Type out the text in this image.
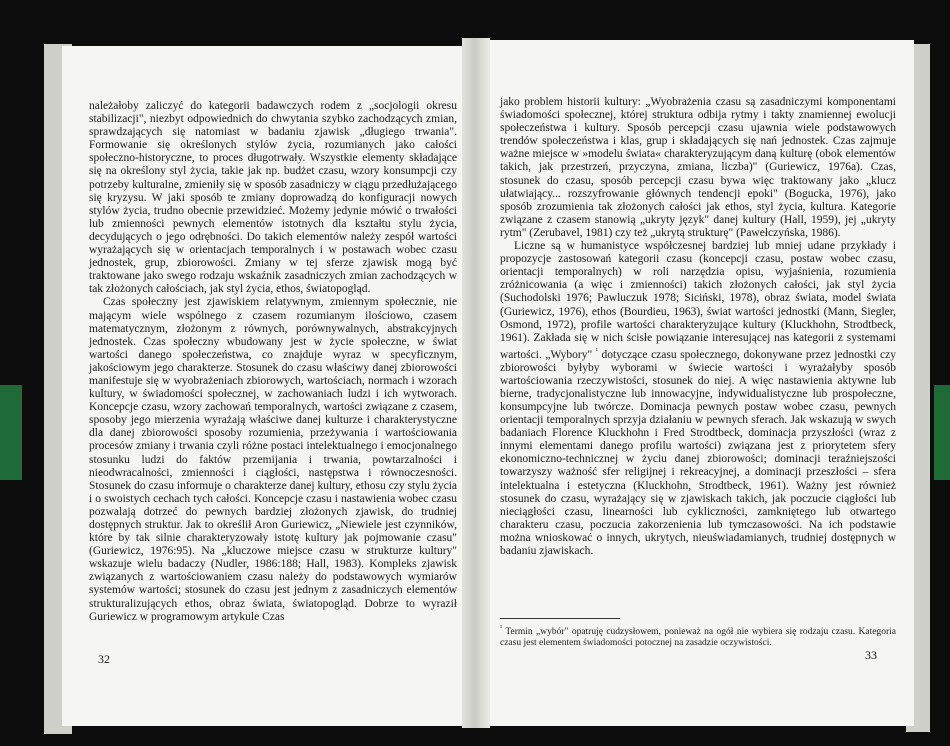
należałoby zaliczyć do kategorii badawczych rodem z „socjologii okresu stabilizacji", niezbyt odpowiednich do chwytania szybko zachodzących zmian, sprawdzających się natomiast w badaniu zjawisk „długiego trwania". Formowanie się określonych stylów życia, rozumianych jako całości społeczno-historyczne, to proces długotrwały. Wszystkie elementy składające się na określony styl życia, takie jak np. budżet czasu, wzory konsumpcji czy potrzeby kulturalne, zmieniły się w sposób zasadniczy w ciągu przedłużającego się kryzysu. W jaki sposób te zmiany doprowadzą do konfiguracji nowych stylów życia, trudno obecnie przewidzieć. Możemy jedynie mówić o trwałości lub zmienności pewnych elementów istotnych dla kształtu stylu życia, decydujących o jego odrębności. Do takich elementów należy zespół wartości wyrażających się w orientacjach temporalnych i w postawach wobec czasu jednostek, grup, zbiorowości. Zmiany w tej sferze zjawisk mogą być traktowane jako swego rodzaju wskaźnik zasadniczych zmian zachodzących w tak złożonych całościach, jak styl życia, ethos, światopogląd.

Czas społeczny jest zjawiskiem relatywnym, zmiennym społecznie, nie mającym wiele wspólnego z czasem rozumianym ilościowo, czasem matematycznym, złożonym z równych, porównywalnych, abstrakcyjnych jednostek. Czas społeczny wbudowany jest w życie społeczne, w świat wartości danego społeczeństwa, co znajduje wyraz w specyficznym, jakościowym jego charakterze. Stosunek do czasu właściwy danej zbiorowości manifestuje się w wyobrażeniach zbiorowych, wartościach, normach i wzorach kultury, w świadomości społecznej, w zachowaniach ludzi i ich wytworach. Koncepcje czasu, wzory zachowań temporalnych, wartości związane z czasem, sposoby jego mierzenia wyrażają właściwe danej kulturze i charakterystyczne dla danej zbiorowości sposoby rozumienia, przeżywania i wartościowania procesów zmiany i trwania czyli różne postaci intelektualnego i emocjonalnego stosunku ludzi do faktów przemijania i trwania, powtarzalności i nieodwracalności, zmienności i ciągłości, następstwa i równoczesności. Stosunek do czasu informuje o charakterze danej kultury, ethosu czy stylu życia i o swoistych cechach tych całości. Koncepcje czasu i nastawienia wobec czasu pozwalają dotrzeć do pewnych bardziej złożonych zjawisk, do trudniej dostępnych struktur. Jak to określił Aron Guriewicz, „Niewiele jest czynników, które by tak silnie charakteryzowały istotę kultury jak pojmowanie czasu" (Guriewicz, 1976:95). Na „kluczowe miejsce czasu w strukturze kultury" wskazuje wielu badaczy (Nudler, 1986:188; Hall, 1983). Kompleks zjawisk związanych z wartościowaniem czasu należy do podstawowych wymiarów systemów wartości; stosunek do czasu jest jednym z zasadniczych elementów strukturalizujących ethos, obraz świata, światopogląd. Dobrze to wyraził Guriewicz w programowym artykule Czas

32

jako problem historii kultury: „Wyobrażenia czasu są zasadniczymi komponentami świadomości społecznej, której struktura odbija rytmy i takty znamiennej ewolucji społeczeństwa i kultury. Sposób percepcji czasu ujawnia wiele podstawowych trendów społeczeństwa i klas, grup i składających się nań jednostek. Czas zajmuje ważne miejsce w »modelu świata« charakteryzującym daną kulturę (obok elementów takich, jak przestrzeń, przyczyna, zmiana, liczba)" (Guriewicz, 1976a). Czas, stosunek do czasu, sposób percepcji czasu bywa więc traktowany jako „klucz ułatwiający... rozszyfrowanie głównych tendencji epoki" (Bogucka, 1976), jako sposób zrozumienia tak złożonych całości jak ethos, styl życia, kultura. Kategorie związane z czasem stanowią „ukryty język" danej kultury (Hall, 1959), jej „ukryty rytm" (Zerubavel, 1981) czy też „ukrytą strukturę" (Pawełczyńska, 1986).

Liczne są w humanistyce współczesnej bardziej lub mniej udane przykłady i propozycje zastosowań kategorii czasu (koncepcji czasu, postaw wobec czasu, orientacji temporalnych) w roli narzędzia opisu, wyjaśnienia, rozumienia zróżnicowania (a więc i zmienności) takich złożonych całości, jak styl życia (Suchodolski 1976; Pawluczuk 1978; Siciński, 1978), obraz świata, model świata (Guriewicz, 1976), ethos (Bourdieu, 1963), świat wartości jednostki (Mann, Siegler, Osmond, 1972), profile wartości charakteryzujące kultury (Kluckhohn, Strodtbeck, 1961). Zakłada się w nich ścisłe powiązanie interesującej nas kategorii z systemami wartości. „Wybory" $^{^1}$ dotyczące czasu społecznego, dokonywane przez jednostki czy zbiorowości byłyby wyborami w świecie wartości i wyrażałyby sposób wartościowania rzeczywistości, stosunek do niej. A więc nastawienia aktywne lub bierne, tradycjonalistyczne lub innowacyjne, indywidualistyczne lub prospołeczne, konsumpcyjne lub twórcze. Dominacja pewnych postaw wobec czasu, pewnych orientacji temporalnych sprzyja działaniu w pewnych sferach. Jak wskazują w swych badaniach Florence Kluckhohn i Fred Strodtbeck, dominacja przyszłości (wraz z innymi elementami danego profilu wartości) związana jest z priorytetem sfery ekonomiczno-technicznej w życiu danej zbiorowości; dominacji teraźniejszości towarzyszy ważność sfer religijnej i rekreacyjnej, a dominacji przeszłości – sfera intelektualna i estetyczna (Kluckhohn, Strodtbeck, 1961). Ważny jest również stosunek do czasu, wyrażający się w zjawiskach takich, jak poczucie ciągłości lub nieciągłości czasu, linearności lub cykliczności, zamkniętego lub otwartego charakteru czasu, poczucia zakorzenienia lub tymczasowości. Na ich podstawie można wnioskować o innych, ukrytych, nieuświadamianych, trudniej dostępnych w badaniu zjawiskach.

$^{^1}$ Termin „wybór" opatruję cudzysłowem, ponieważ na ogół nie wybiera się rodzaju czasu. Kategoria czasu jest elementem świadomości potocznej na zasadzie oczywistości.

33
